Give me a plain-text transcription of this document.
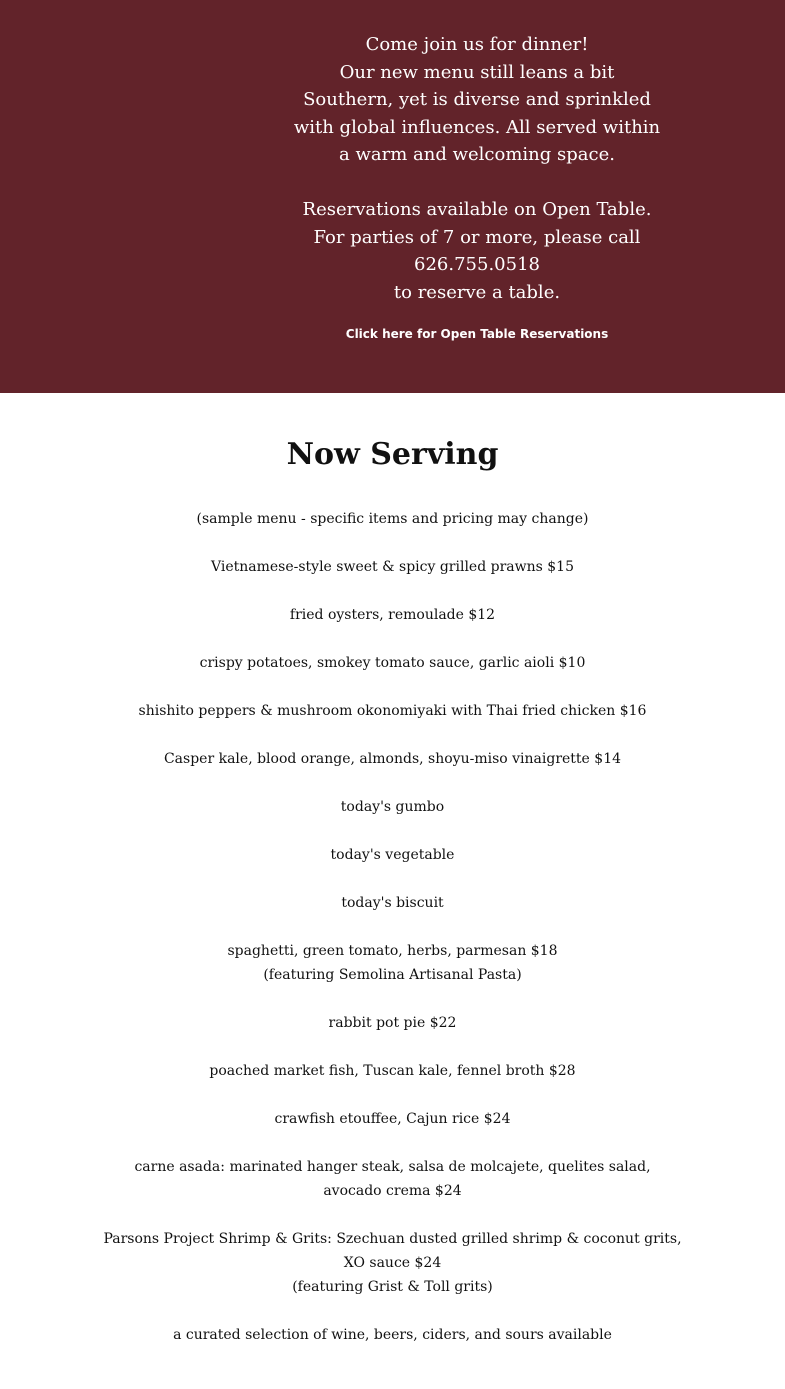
Come join us for dinner!
Our new menu still leans a bit
Southern, yet is diverse and sprinkled
with global influences. All served within
a warm and welcoming space.
Reservations available on Open Table.
For parties of 7 or more, please call
626.755.0518
to reserve a table.
Click here for Open Table Reservations
Now Serving
(sample menu - specific items and pricing may change)
Vietnamese-style sweet & spicy grilled prawns $15
fried oysters, remoulade $12
crispy potatoes, smokey tomato sauce, garlic aioli $10
shishito peppers & mushroom okonomiyaki with Thai fried chicken $16
Casper kale, blood orange, almonds, shoyu-miso vinaigrette $14
today's gumbo
today's vegetable
today's biscuit
spaghetti, green tomato, herbs, parmesan $18
(featuring Semolina Artisanal Pasta)
rabbit pot pie $22
poached market fish, Tuscan kale, fennel broth $28
crawfish etouffee, Cajun rice $24
carne asada: marinated hanger steak, salsa de molcajete, quelites salad,
avocado crema $24
Parsons Project Shrimp & Grits: Szechuan dusted grilled shrimp & coconut grits,
XO sauce $24
(featuring Grist & Toll grits)
a curated selection of wine, beers, ciders, and sours available
